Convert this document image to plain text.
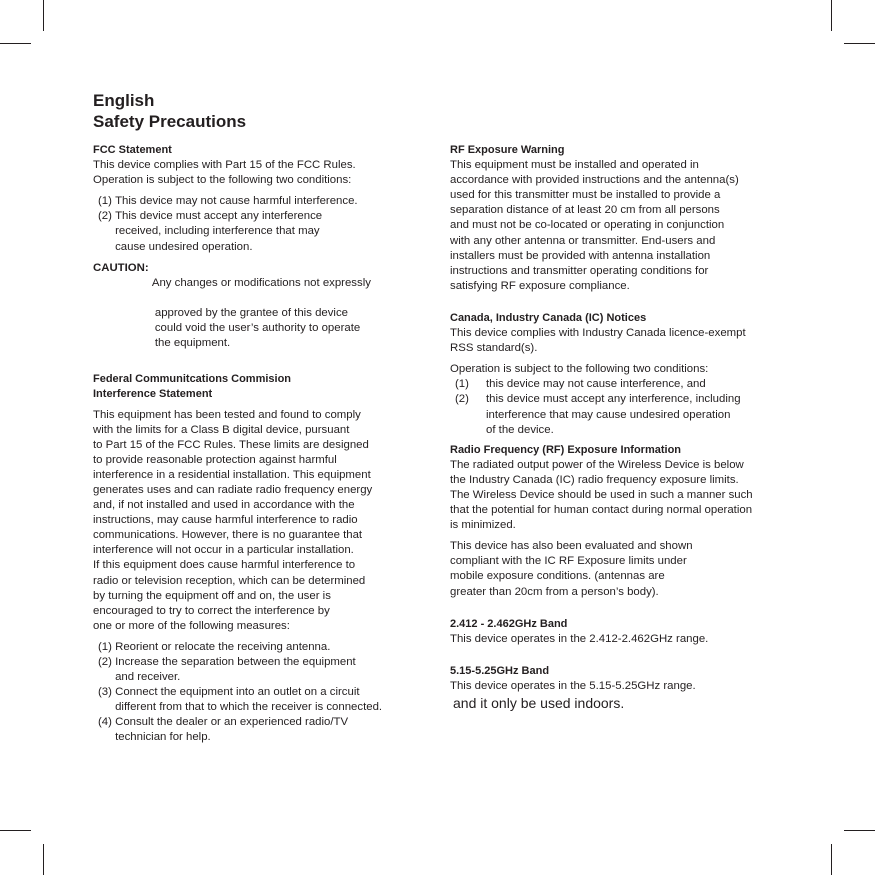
English
Safety Precautions
FCC Statement
This device complies with Part 15 of the FCC Rules.
Operation is subject to the following two conditions:
(1) This device may not cause harmful interference.
(2) This device must accept any interference
received, including interference that may
cause undesired operation.
CAUTION:

Any changes or modifications not expressly

approved by the grantee of this device
could void the user’s authority to operate
the equipment.

Federal Communitcations Commision
Interference Statement
This equipment has been tested and found to comply
with the limits for a Class B digital device, pursuant
to Part 15 of the FCC Rules. These limits are designed
to provide reasonable protection against harmful
interference in a residential installation. This equipment
generates uses and can radiate radio frequency energy
and, if not installed and used in accordance with the
instructions, may cause harmful interference to radio
communications. However, there is no guarantee that
interference will not occur in a particular installation.
If this equipment does cause harmful interference to
radio or television reception, which can be determined
by turning the equipment off and on, the user is
encouraged to try to correct the interference by
one or more of the following measures:
(1) Reorient or relocate the receiving antenna.
(2) Increase the separation between the equipment
and receiver.
(3) Connect the equipment into an outlet on a circuit
different from that to which the receiver is connected.
(4) Consult the dealer or an experienced radio/TV
technician for help.
RF Exposure Warning
This equipment must be installed and operated in
accordance with provided instructions and the antenna(s)
used for this transmitter must be installed to provide a
separation distance of at least 20 cm from all persons
and must not be co-located or operating in conjunction
with any other antenna or transmitter. End-users and
installers must be provided with antenna installation
instructions and transmitter operating conditions for
satisfying RF exposure compliance.
Canada, Industry Canada (IC) Notices
This device complies with Industry Canada licence-exempt
RSS standard(s).
Operation is subject to the following two conditions:
(1)	this device may not cause interference, and
(2)	this device must accept any interference, including
interference that may cause undesired operation
of the device.
Radio Frequency (RF) Exposure Information
The radiated output power of the Wireless Device is below
the Industry Canada (IC) radio frequency exposure limits.
The Wireless Device should be used in such a manner such
that the potential for human contact during normal operation
is minimized.
This device has also been evaluated and shown
compliant with the IC RF Exposure limits under
mobile exposure conditions. (antennas are
greater than 20cm from a person’s body).
2.412 - 2.462GHz Band
This device operates in the 2.412-2.462GHz range.
5.15-5.25GHz Band
This device operates in the 5.15-5.25GHz range.
and it only be used indoors.
